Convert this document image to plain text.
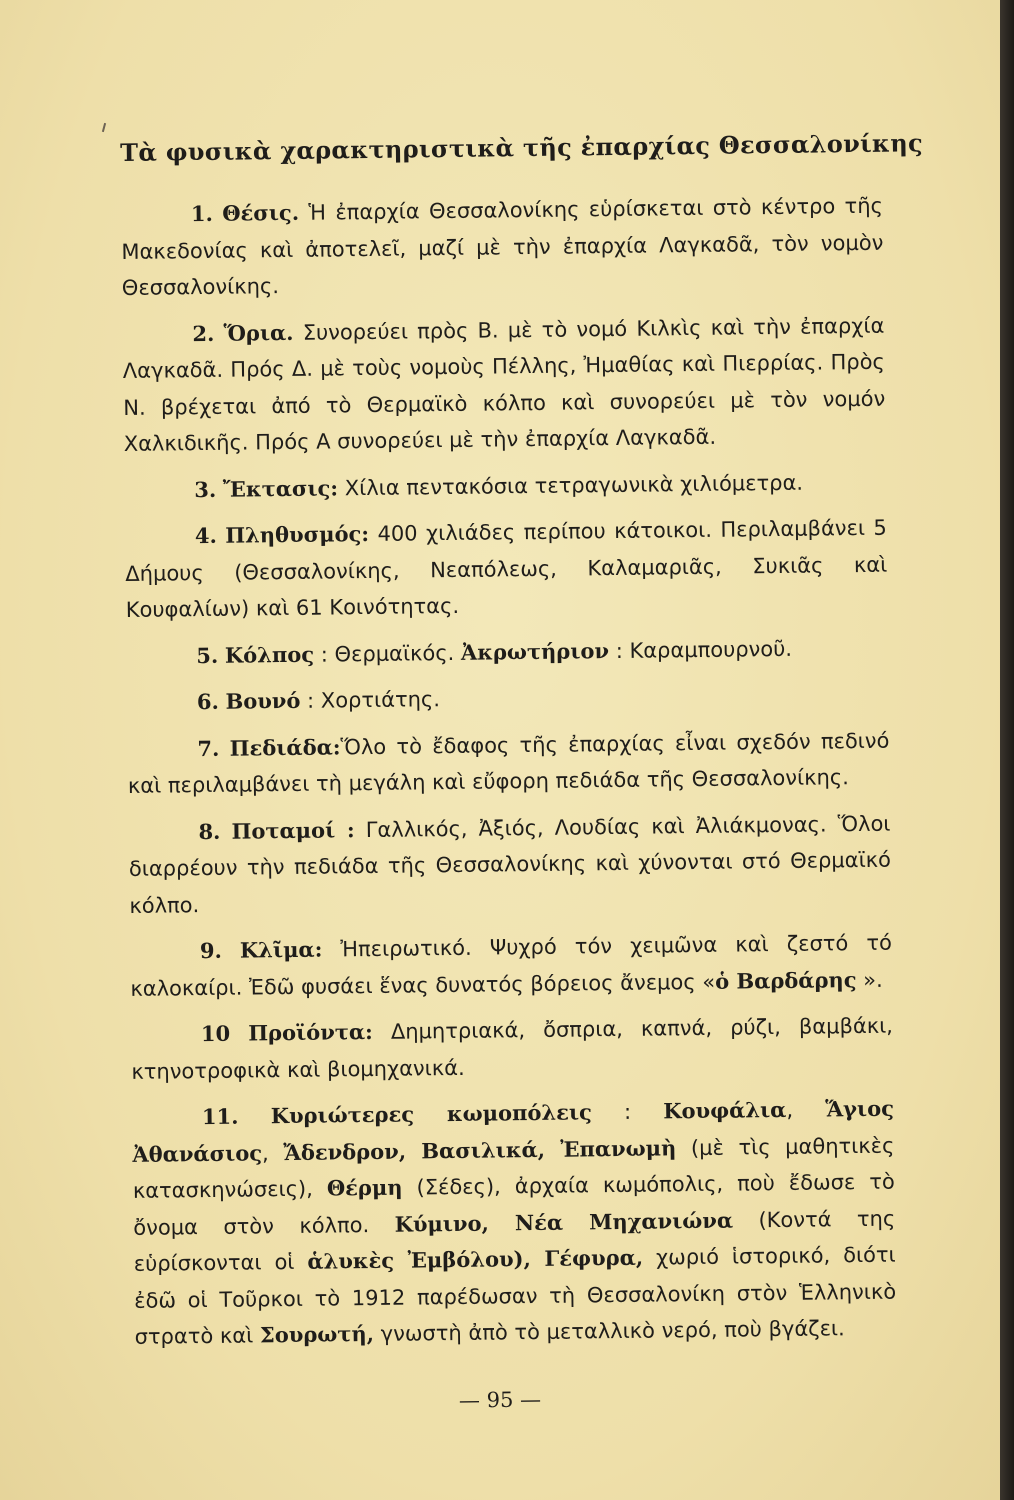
Τὰ φυσικὰ χαρακτηριστικὰ τῆς ἐπαρχίας Θεσσαλονίκης

1. Θέσις. Ἡ ἐπαρχία Θεσσαλονίκης εὑρίσκεται στὸ κέντρο τῆς Μακεδονίας καὶ ἀποτελεῖ, μαζί μὲ τὴν ἐπαρχία Λαγκαδᾶ, τὸν νομὸν Θεσσαλονίκης.

2. Ὅρια. Συνορεύει πρὸς Β. μὲ τὸ νομό Κιλκὶς καὶ τὴν ἐπαρχία Λαγκαδᾶ. Πρός Δ. μὲ τοὺς νομοὺς Πέλλης, Ἠμαθίας καὶ Πιερρίας. Πρὸς Ν. βρέχεται ἀπό τὸ Θερμαϊκὸ κόλπο καὶ συνορεύει μὲ τὸν νομόν Χαλκιδικῆς. Πρός Α συνορεύει μὲ τὴν ἐπαρχία Λαγκαδᾶ.

3. Ἔκτασις: Χίλια πεντακόσια τετραγωνικὰ χιλιόμετρα.

4. Πληθυσμός: 400 χιλιάδες περίπου κάτοικοι. Περιλαμβάνει 5 Δήμους (Θεσσαλονίκης, Νεαπόλεως, Καλαμαριᾶς, Συκιᾶς καὶ Κουφαλίων) καὶ 61 Κοινότητας.

5. Κόλπος : Θερμαϊκός. Ἀκρωτήριον : Καραμπουρνοῦ.

6. Βουνό : Χορτιάτης.

7. Πεδιάδα:Ὅλο τὸ ἔδαφος τῆς ἐπαρχίας εἶναι σχεδόν πεδινό καὶ περιλαμβάνει τὴ μεγάλη καὶ εὔφορη πεδιάδα τῆς Θεσσαλονίκης.

8. Ποταμοί : Γαλλικός, Ἀξιός, Λουδίας καὶ Ἀλιάκμονας. Ὅλοι διαρρέουν τὴν πεδιάδα τῆς Θεσσαλονίκης καὶ χύνονται στό Θερμαϊκό κόλπο.

9. Κλῖμα: Ἠπειρωτικό. Ψυχρό τόν χειμῶνα καὶ ζεστό τό καλοκαίρι. Ἐδῶ φυσάει ἕνας δυνατός βόρειος ἄνεμος «ὁ Βαρδάρης ».

10 Προϊόντα: Δημητριακά, ὄσπρια, καπνά, ρύζι, βαμβάκι, κτηνοτροφικὰ καὶ βιομηχανικά.

11. Κυριώτερες κωμοπόλεις : Κουφάλια, Ἅγιος Ἀθανάσιος, Ἄδενδρον, Βασιλικά, Ἐπανωμὴ (μὲ τὶς μαθητικὲς κατασκηνώσεις), Θέρμη (Σέδες), ἀρχαία κωμόπολις, ποὺ ἔδωσε τὸ ὄνομα στὸν κόλπο. Κύμινο, Νέα Μηχανιώνα (Κοντά της εὑρίσκονται οἱ ἁλυκὲς Ἐμβόλου), Γέφυρα, χωριό ἱστορικό, διότι ἐδῶ οἱ Τοῦρκοι τὸ 1912 παρέδωσαν τὴ Θεσσαλονίκη στὸν Ἑλληνικὸ στρατὸ καὶ Σουρωτή, γνωστὴ ἀπὸ τὸ μεταλλικὸ νερό, ποὺ βγάζει.

— 95 —
